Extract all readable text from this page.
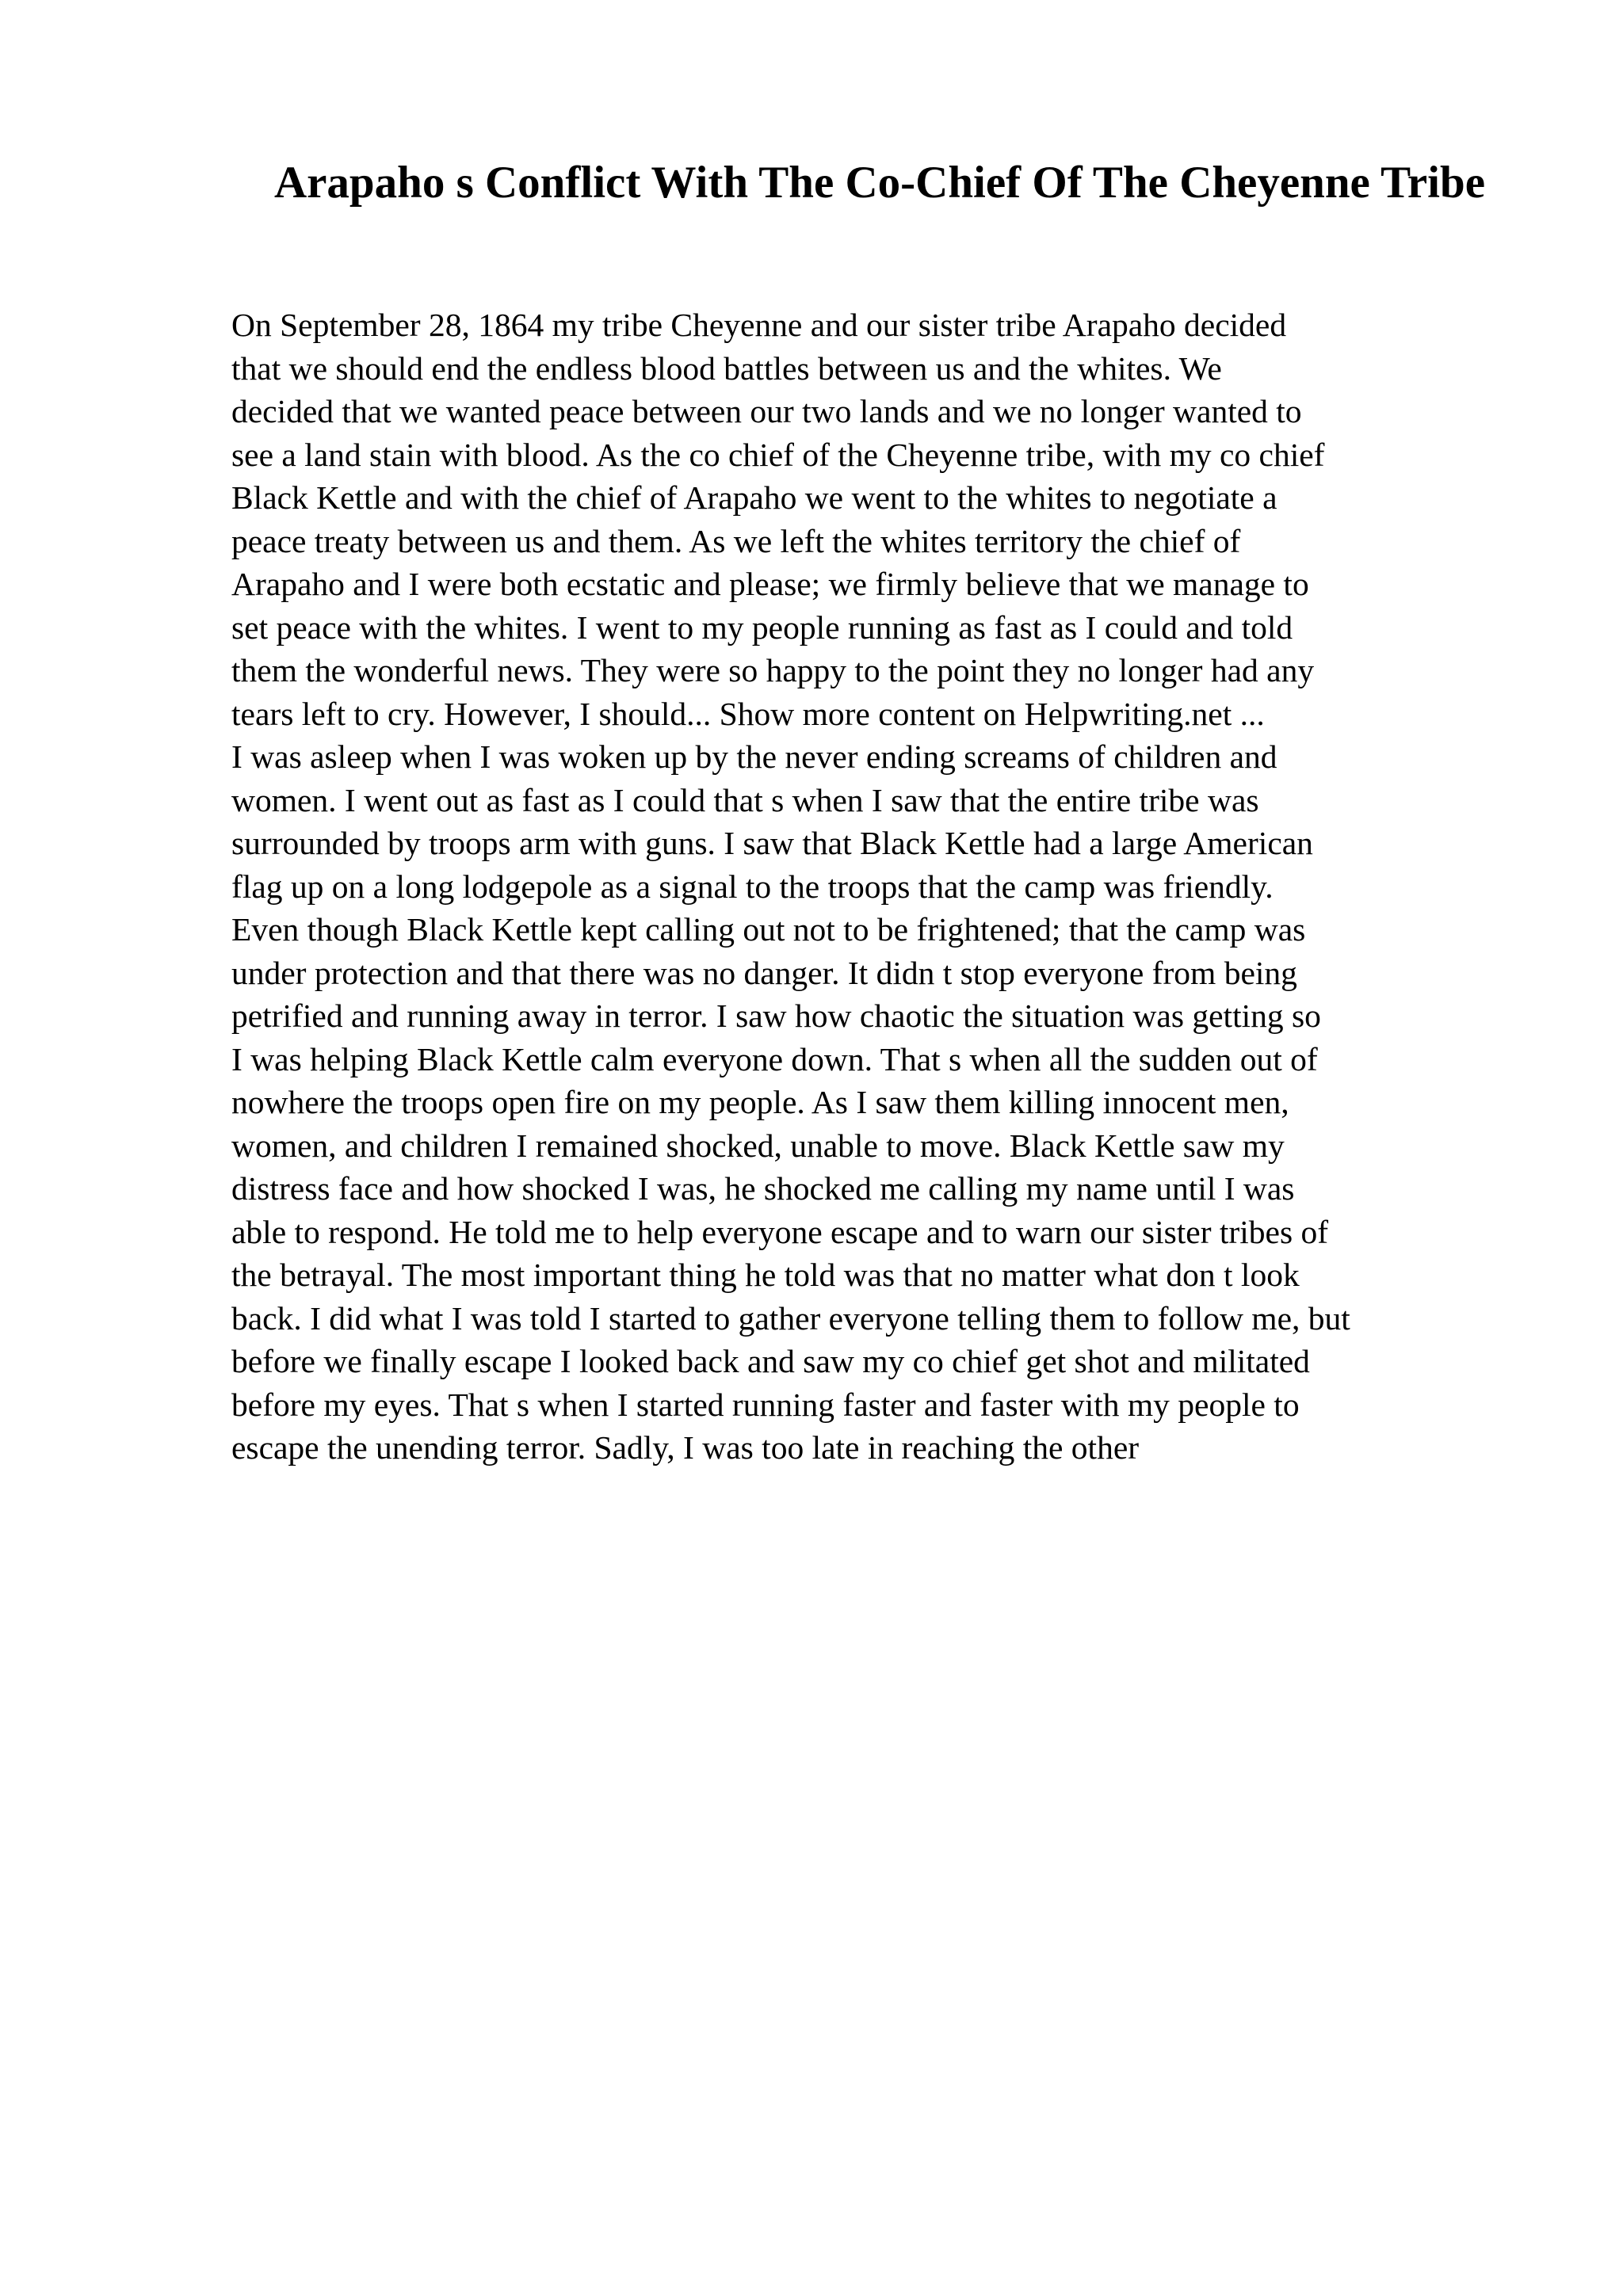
Arapaho s Conflict With The Co-Chief Of The Cheyenne Tribe
On September 28, 1864 my tribe Cheyenne and our sister tribe Arapaho decided
that we should end the endless blood battles between us and the whites. We
decided that we wanted peace between our two lands and we no longer wanted to
see a land stain with blood. As the co chief of the Cheyenne tribe, with my co chief
Black Kettle and with the chief of Arapaho we went to the whites to negotiate a
peace treaty between us and them. As we left the whites territory the chief of
Arapaho and I were both ecstatic and please; we firmly believe that we manage to
set peace with the whites. I went to my people running as fast as I could and told
them the wonderful news. They were so happy to the point they no longer had any
tears left to cry. However, I should... Show more content on Helpwriting.net ...
I was asleep when I was woken up by the never ending screams of children and
women. I went out as fast as I could that s when I saw that the entire tribe was
surrounded by troops arm with guns. I saw that Black Kettle had a large American
flag up on a long lodgepole as a signal to the troops that the camp was friendly.
Even though Black Kettle kept calling out not to be frightened; that the camp was
under protection and that there was no danger. It didn t stop everyone from being
petrified and running away in terror. I saw how chaotic the situation was getting so
I was helping Black Kettle calm everyone down. That s when all the sudden out of
nowhere the troops open fire on my people. As I saw them killing innocent men,
women, and children I remained shocked, unable to move. Black Kettle saw my
distress face and how shocked I was, he shocked me calling my name until I was
able to respond. He told me to help everyone escape and to warn our sister tribes of
the betrayal. The most important thing he told was that no matter what don t look
back. I did what I was told I started to gather everyone telling them to follow me, but
before we finally escape I looked back and saw my co chief get shot and militated
before my eyes. That s when I started running faster and faster with my people to
escape the unending terror. Sadly, I was too late in reaching the other
